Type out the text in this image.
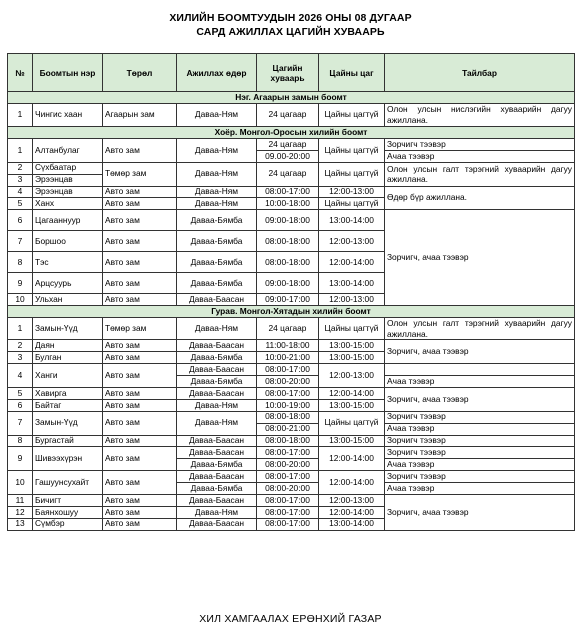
ХИЛИЙН БООМТУУДЫН 2026 ОНЫ 08 ДУГААР
САРД АЖИЛЛАХ ЦАГИЙН ХУВААРЬ
№	Боомтын нэр	Төрөл	Ажиллах өдөр	Цагийн хуваарь	Цайны цаг	Тайлбар
Нэг. Агаарын замын боомт						
1	Чингис хаан	Агаарын зам	Даваа-Ням	24 цагаар	Цайны цагтүй	Олон улсын нислэгийн хуваарийн дагуу ажиллана.
Хоёр. Монгол-Оросын хилийн боомт						
1	Алтанбулаг	Авто зам	Даваа-Ням	24 цагаар	Цайны цагтүй	Зорчигч тээвэр
				09.00-20:00		Ачаа тээвэр
2	Сүхбаатар	Төмөр зам	Даваа-Ням	24 цагаар	Цайны цагтүй	Олон улсын галт тэрэгний хуваарийн дагуу ажиллана.
3	Эрээнцав					
4	Эрээнцав	Авто зам	Даваа-Ням	08:00-17:00	12:00-13:00	Өдөр бүр ажиллана.
5	Ханх	Авто зам	Даваа-Ням	10:00-18:00	Цайны цагтүй	
6	Цагааннуур	Авто зам	Даваа-Бямба	09:00-18:00	13:00-14:00	Зорчигч, ачаа тээвэр
7	Боршоо	Авто зам	Даваа-Бямба	08:00-18:00	12:00-13:00	
8	Тэс	Авто зам	Даваа-Бямба	08:00-18:00	12:00-14:00	
9	Арцсуурь	Авто зам	Даваа-Бямба	09:00-18:00	13:00-14:00	
10	Ульхан	Авто зам	Даваа-Баасан	09:00-17:00	12:00-13:00	
Гурав. Монгол-Хятадын хилийн боомт						
1	Замын-Үүд	Төмөр зам	Даваа-Ням	24 цагаар	Цайны цагтүй	Олон улсын галт тэрэгний хуваарийн дагуу ажиллана.
2	Даян	Авто зам	Даваа-Баасан	11:00-18:00	13:00-15:00	Зорчигч, ачаа тээвэр
3	Булган	Авто зам	Даваа-Бямба	10:00-21:00	13:00-15:00	
4	Ханги	Авто зам	Даваа-Баасан	08:00-17:00	12:00-13:00	
			Даваа-Бямба	08:00-20:00		Ачаа тээвэр
5	Хавирга	Авто зам	Даваа-Баасан	08:00-17:00	12:00-14:00	Зорчигч, ачаа тээвэр
6	Байтаг	Авто зам	Даваа-Ням	10:00-19:00	13:00-15:00	
7	Замын-Үүд	Авто зам	Даваа-Ням	08:00-18:00	Цайны цагтүй	Зорчигч тээвэр
				08:00-21:00		Ачаа тээвэр
8	Бургастай	Авто зам	Даваа-Баасан	08:00-18:00	13:00-15:00	Зорчигч тээвэр
9	Шивээхүрэн	Авто зам	Даваа-Баасан	08:00-17:00	12:00-14:00	Зорчигч тээвэр
			Даваа-Бямба	08:00-20:00		Ачаа тээвэр
10	Гашуунсухайт	Авто зам	Даваа-Баасан	08:00-17:00	12:00-14:00	Зорчигч тээвэр
			Даваа-Бямба	08:00-20:00		Ачаа тээвэр
11	Бичигт	Авто зам	Даваа-Баасан	08:00-17:00	12:00-13:00	Зорчигч, ачаа тээвэр
12	Баянхошуу	Авто зам	Даваа-Ням	08:00-17:00	12:00-14:00	
13	Сүмбэр	Авто зам	Даваа-Баасан	08:00-17:00	13:00-14:00	
ХИЛ ХАМГААЛАХ ЕРӨНХИЙ ГАЗАР
